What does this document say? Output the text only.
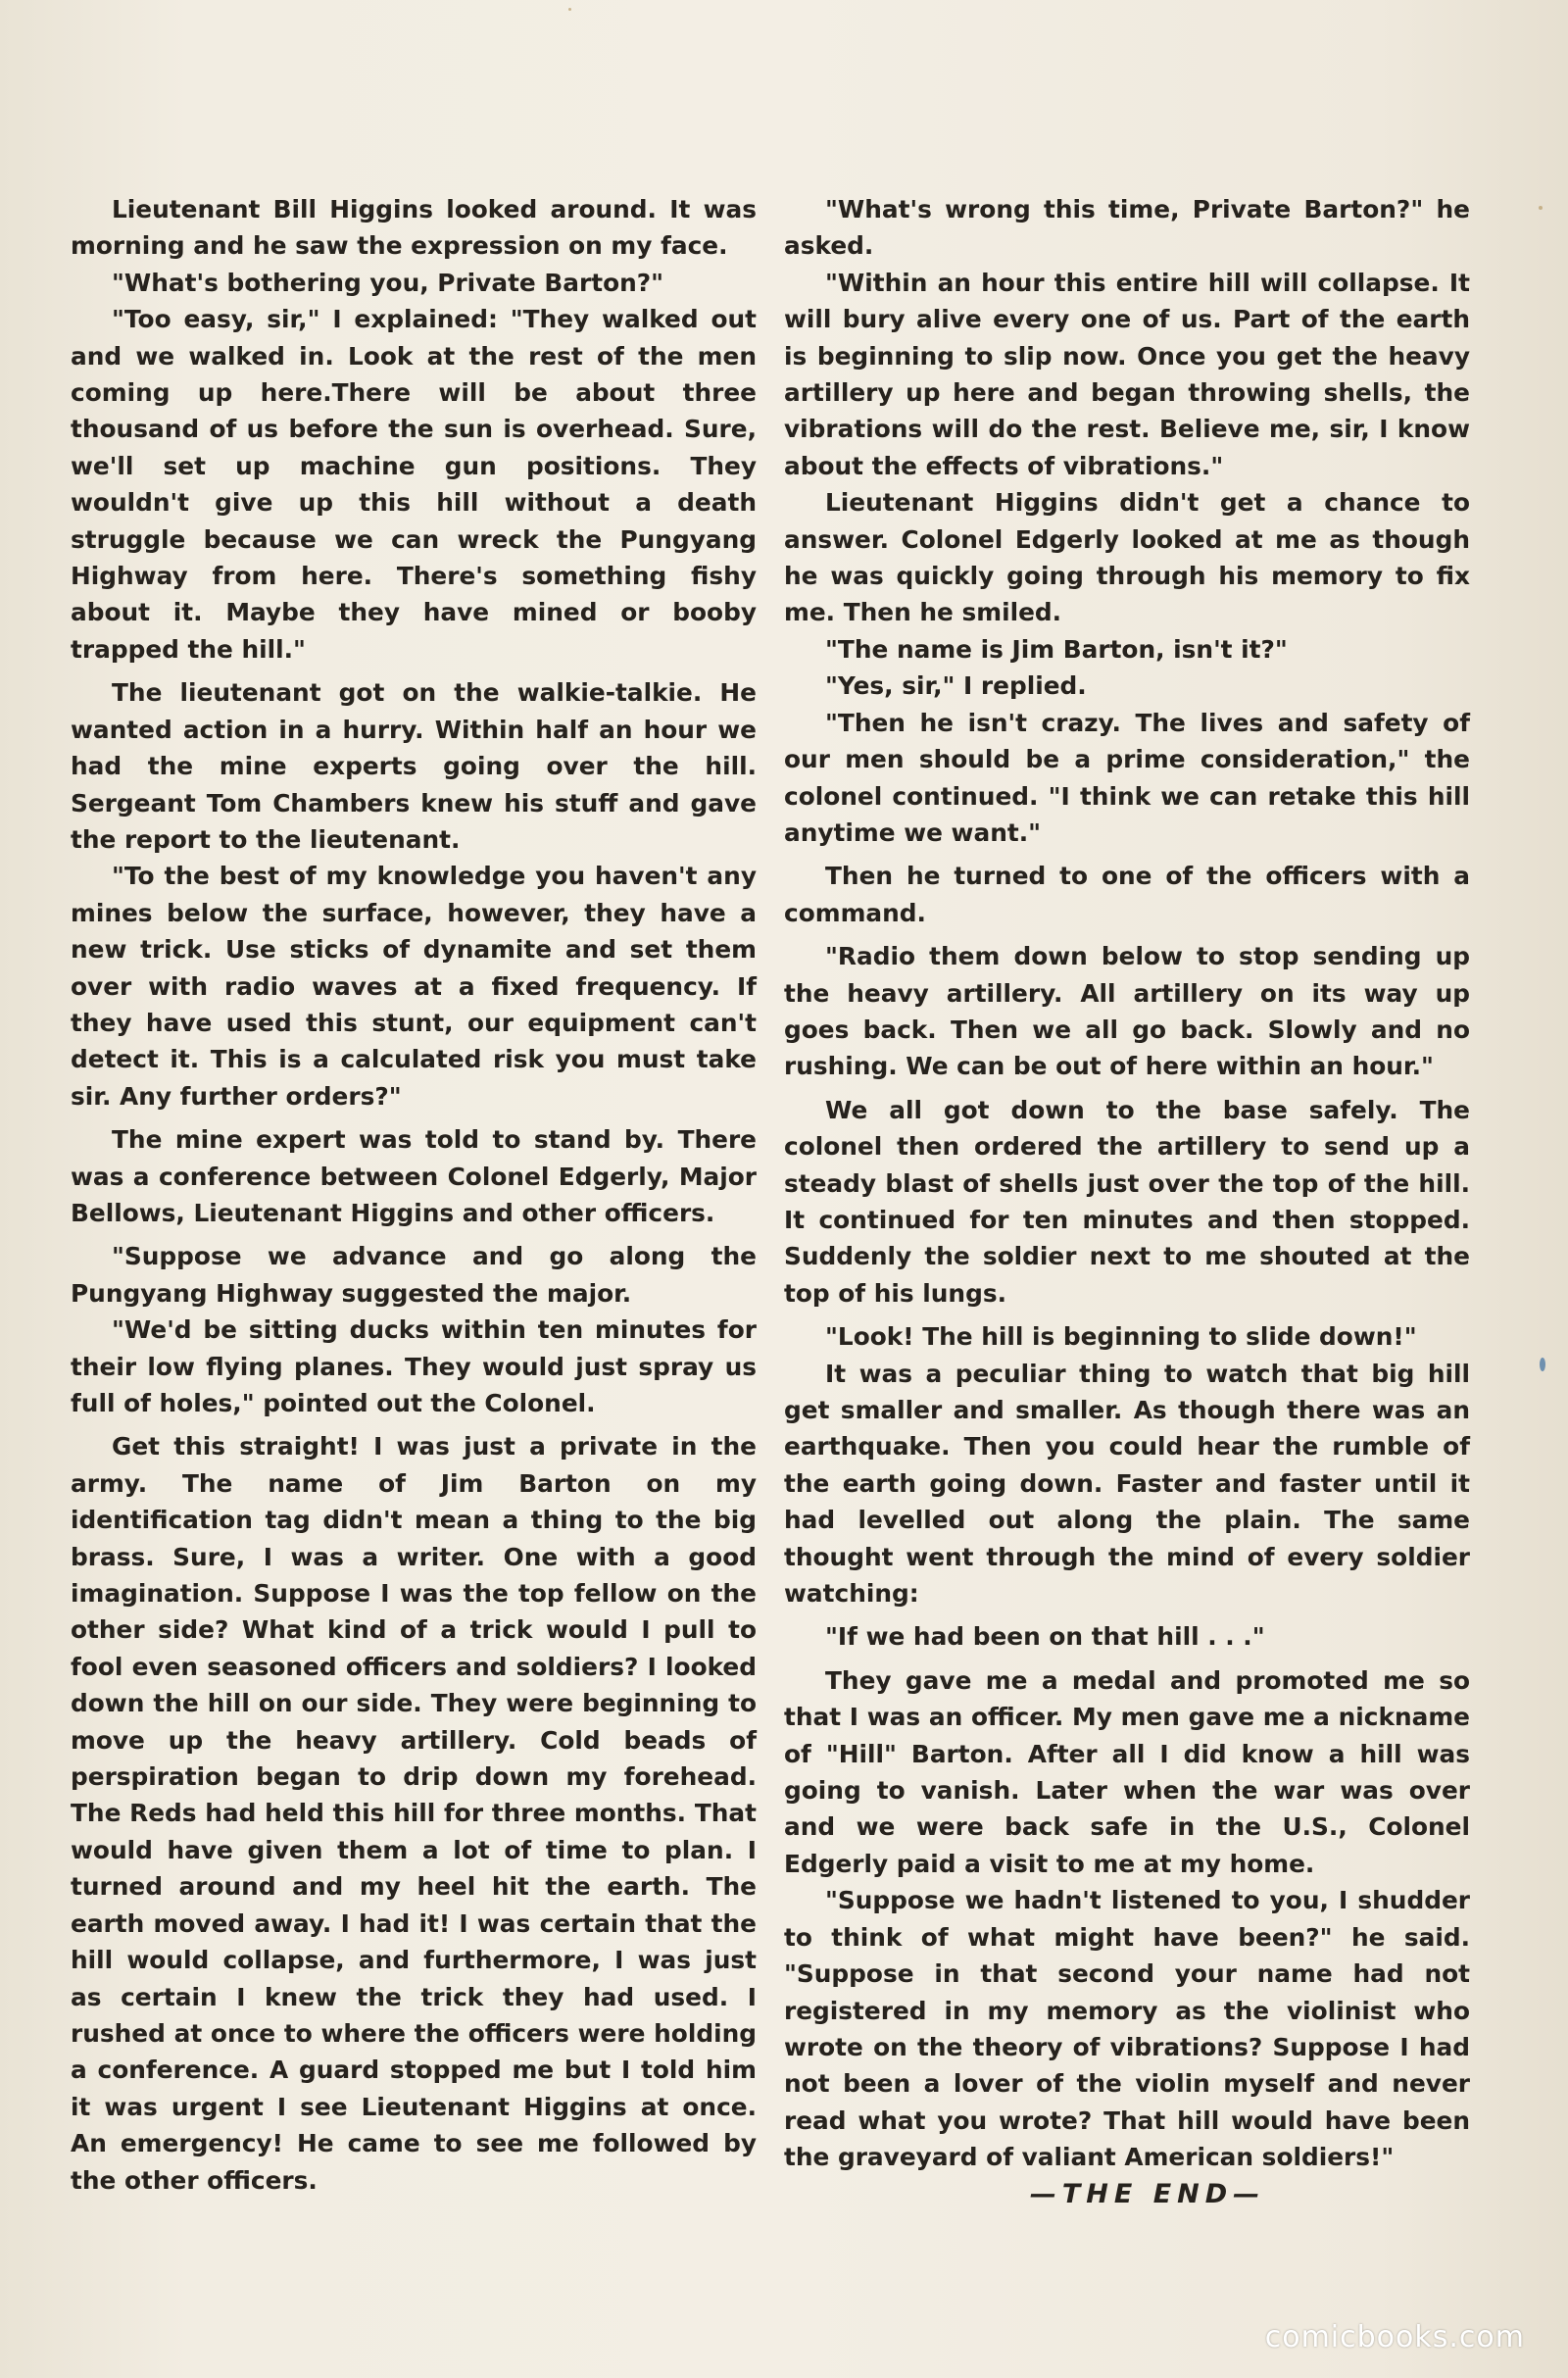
Lieutenant Bill Higgins looked around. It was morning and he saw the expression on my face.

"What's bothering you, Private Barton?"

"Too easy, sir," I explained: "They walked out and we walked in. Look at the rest of the men coming up here.There will be about three thousand of us before the sun is overhead. Sure, we'll set up machine gun positions. They wouldn't give up this hill without a death struggle because we can wreck the Pungyang Highway from here. There's something fishy about it. Maybe they have mined or booby trapped the hill."

The lieutenant got on the walkie-talkie. He wanted action in a hurry. Within half an hour we had the mine experts going over the hill. Sergeant Tom Chambers knew his stuff and gave the report to the lieutenant.

"To the best of my knowledge you haven't any mines below the surface, however, they have a new trick. Use sticks of dynamite and set them over with radio waves at a fixed frequency. If they have used this stunt, our equipment can't detect it. This is a calculated risk you must take sir. Any further orders?"

The mine expert was told to stand by. There was a conference between Colonel Edgerly, Major Bellows, Lieutenant Higgins and other officers.

"Suppose we advance and go along the Pungyang Highway suggested the major.

"We'd be sitting ducks within ten minutes for their low flying planes. They would just spray us full of holes," pointed out the Colonel.

Get this straight! I was just a private in the army. The name of Jim Barton on my identification tag didn't mean a thing to the big brass. Sure, I was a writer. One with a good imagination. Suppose I was the top fellow on the other side? What kind of a trick would I pull to fool even seasoned officers and soldiers? I looked down the hill on our side. They were beginning to move up the heavy artillery. Cold beads of perspiration began to drip down my forehead. The Reds had held this hill for three months. That would have given them a lot of time to plan. I turned around and my heel hit the earth. The earth moved away. I had it! I was certain that the hill would collapse, and furthermore, I was just as certain I knew the trick they had used. I rushed at once to where the officers were holding a conference. A guard stopped me but I told him it was urgent I see Lieutenant Higgins at once. An emergency! He came to see me followed by the other officers.

"What's wrong this time, Private Barton?" he asked.

"Within an hour this entire hill will collapse. It will bury alive every one of us. Part of the earth is beginning to slip now. Once you get the heavy artillery up here and began throwing shells, the vibrations will do the rest. Believe me, sir, I know about the effects of vibrations."

Lieutenant Higgins didn't get a chance to answer. Colonel Edgerly looked at me as though he was quickly going through his memory to fix me. Then he smiled.

"The name is Jim Barton, isn't it?"

"Yes, sir," I replied.

"Then he isn't crazy. The lives and safety of our men should be a prime consideration," the colonel continued. "I think we can retake this hill anytime we want."

Then he turned to one of the officers with a command.

"Radio them down below to stop sending up the heavy artillery. All artillery on its way up goes back. Then we all go back. Slowly and no rushing. We can be out of here within an hour."

We all got down to the base safely. The colonel then ordered the artillery to send up a steady blast of shells just over the top of the hill. It continued for ten minutes and then stopped. Suddenly the soldier next to me shouted at the top of his lungs.

"Look! The hill is beginning to slide down!"

It was a peculiar thing to watch that big hill get smaller and smaller. As though there was an earthquake. Then you could hear the rumble of the earth going down. Faster and faster until it had levelled out along the plain. The same thought went through the mind of every soldier watching:

"If we had been on that hill . . ."

They gave me a medal and promoted me so that I was an officer. My men gave me a nickname of "Hill" Barton. After all I did know a hill was going to vanish. Later when the war was over and we were back safe in the U.S., Colonel Edgerly paid a visit to me at my home.

"Suppose we hadn't listened to you, I shudder to think of what might have been?" he said. "Suppose in that second your name had not registered in my memory as the violinist who wrote on the theory of vibrations? Suppose I had not been a lover of the violin myself and never read what you wrote? That hill would have been the graveyard of valiant American soldiers!"

—THE END—

comicbooks.com
